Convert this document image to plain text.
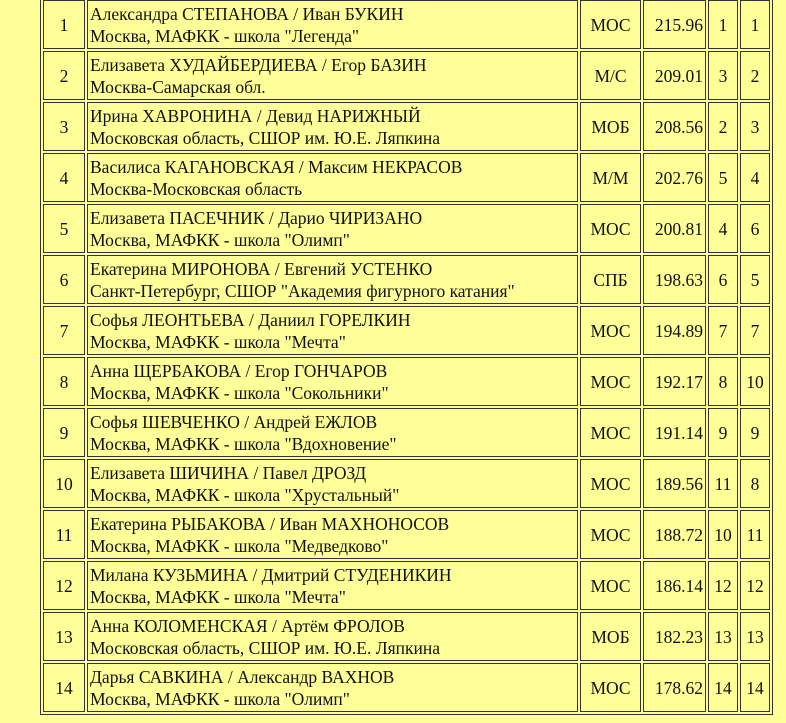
1	Александра СТЕПАНОВА / Иван БУКИН
Москва, МАФКК - школа "Легенда"	МОС	215.96	1	1
2	Елизавета ХУДАЙБЕРДИЕВА / Егор БАЗИН
Москва-Самарская обл.	М/С	209.01	3	2
3	Ирина ХАВРОНИНА / Девид НАРИЖНЫЙ
Московская область, СШОР им. Ю.Е. Ляпкина	МОБ	208.56	2	3
4	Василиса КАГАНОВСКАЯ / Максим НЕКРАСОВ
Москва-Московская область	М/М	202.76	5	4
5	Елизавета ПАСЕЧНИК / Дарио ЧИРИЗАНО
Москва, МАФКК - школа "Олимп"	МОС	200.81	4	6
6	Екатерина МИРОНОВА / Евгений УСТЕНКО
Санкт-Петербург, СШОР "Академия фигурного катания"	СПБ	198.63	6	5
7	Софья ЛЕОНТЬЕВА / Даниил ГОРЕЛКИН
Москва, МАФКК - школа "Мечта"	МОС	194.89	7	7
8	Анна ЩЕРБАКОВА / Егор ГОНЧАРОВ
Москва, МАФКК - школа "Сокольники"	МОС	192.17	8	10
9	Софья ШЕВЧЕНКО / Андрей ЕЖЛОВ
Москва, МАФКК - школа "Вдохновение"	МОС	191.14	9	9
10	Елизавета ШИЧИНА / Павел ДРОЗД
Москва, МАФКК - школа "Хрустальный"	МОС	189.56	11	8
11	Екатерина РЫБАКОВА / Иван МАХНОНОСОВ
Москва, МАФКК - школа "Медведково"	МОС	188.72	10	11
12	Милана КУЗЬМИНА / Дмитрий СТУДЕНИКИН
Москва, МАФКК - школа "Мечта"	МОС	186.14	12	12
13	Анна КОЛОМЕНСКАЯ / Артём ФРОЛОВ
Московская область, СШОР им. Ю.Е. Ляпкина	МОБ	182.23	13	13
14	Дарья САВКИНА / Александр ВАХНОВ
Москва, МАФКК - школа "Олимп"	МОС	178.62	14	14
